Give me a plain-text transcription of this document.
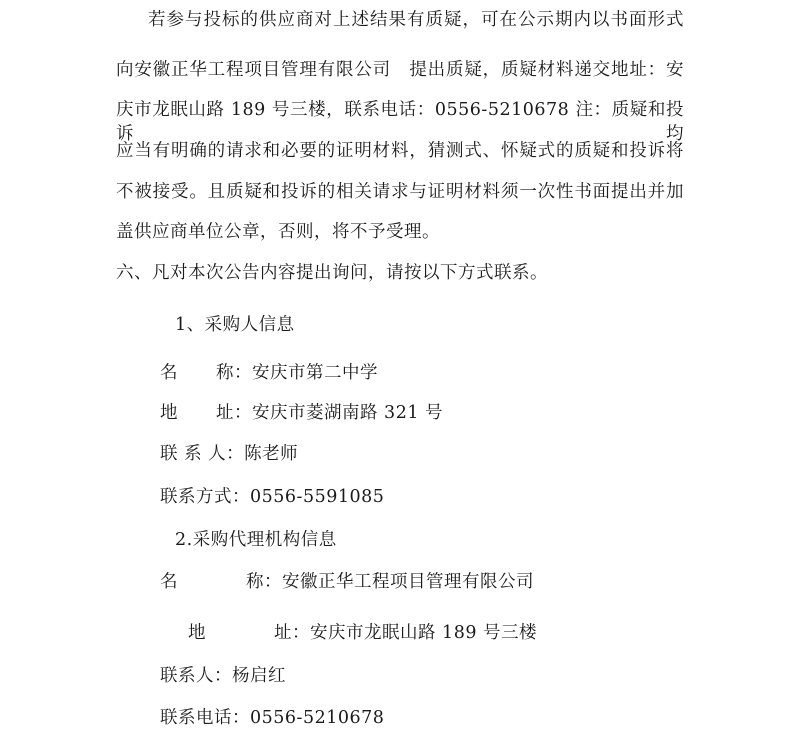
若参与投标的供应商对上述结果有质疑，可在公示期内以书面形式
向安徽正华工程项目管理有限公司　提出质疑，质疑材料递交地址：安
庆市龙眠山路 189 号三楼，联系电话：0556-5210678 注：质疑和投诉均
应当有明确的请求和必要的证明材料，猜测式、怀疑式的质疑和投诉将
不被接受。且质疑和投诉的相关请求与证明材料须一次性书面提出并加
盖供应商单位公章，否则，将不予受理。
六、凡对本次公告内容提出询问，请按以下方式联系。
1、采购人信息
名 称：安庆市第二中学
地 址：安庆市菱湖南路 321 号
联 系 人：陈老师
联系方式：0556-5591085
2.采购代理机构信息
名	称：安徽正华工程项目管理有限公司
地	址：安庆市龙眠山路 189 号三楼
联系人：杨启红
联系电话：0556-5210678
